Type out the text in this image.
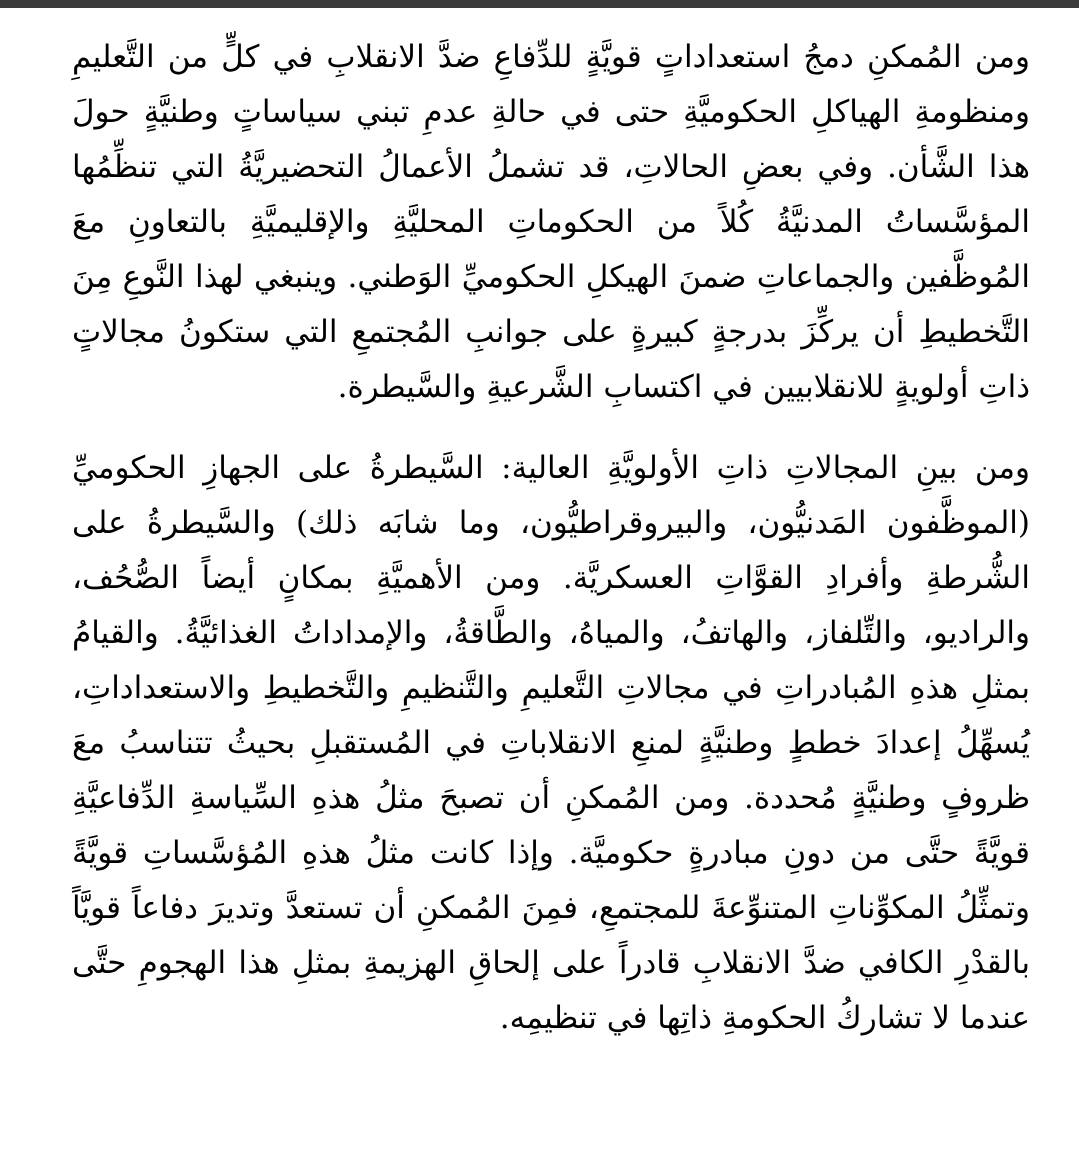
ومن المُمكنِ دمجُ استعداداتٍ قويَّةٍ للدِّفاعِ ضدَّ الانقلابِ في كلٍّ من التَّعليمِ ومنظومةِ الهياكلِ الحكوميَّةِ حتى في حالةِ عدمِ تبني سياساتٍ وطنيَّةٍ حولَ هذا الشَّأن. وفي بعضِ الحالاتِ، قد تشملُ الأعمالُ التحضيريَّةُ التي تنظِّمُها المؤسَّساتُ المدنيَّةُ كُلاً من الحكوماتِ المحليَّةِ والإقليميَّةِ بالتعاونِ معَ المُوظَّفين والجماعاتِ ضمنَ الهيكلِ الحكوميِّ الوَطني. وينبغي لهذا النَّوعِ مِنَ التَّخطيطِ أن يركِّزَ بدرجةٍ كبيرةٍ على جوانبِ المُجتمعِ التي ستكونُ مجالاتٍ ذاتِ أولويةٍ للانقلابيين في اكتسابِ الشَّرعيةِ والسَّيطرة.

ومن بينِ المجالاتِ ذاتِ الأولويَّةِ العالية: السَّيطرةُ على الجهازِ الحكوميِّ (الموظَّفون المَدنيُّون، والبيروقراطيُّون، وما شابَه ذلك) والسَّيطرةُ على الشُّرطةِ وأفرادِ القوَّاتِ العسكريَّة. ومن الأهميَّةِ بمكانٍ أيضاً الصُّحُف، والراديو، والتِّلفاز، والهاتفُ، والمياهُ، والطَّاقةُ، والإمداداتُ الغذائيَّةُ. والقيامُ بمثلِ هذهِ المُبادراتِ في مجالاتِ التَّعليمِ والتَّنظيمِ والتَّخطيطِ والاستعداداتِ، يُسهِّلُ إعدادَ خططٍ وطنيَّةٍ لمنعِ الانقلاباتِ في المُستقبلِ بحيثُ تتناسبُ معَ ظروفٍ وطنيَّةٍ مُحددة. ومن المُمكنِ أن تصبحَ مثلُ هذهِ السِّياسةِ الدِّفاعيَّةِ قويَّةً حتَّى من دونِ مبادرةٍ حكوميَّة. وإذا كانت مثلُ هذهِ المُؤسَّساتِ قويَّةً وتمثِّلُ المكوِّناتِ المتنوِّعةَ للمجتمعِ، فمِنَ المُمكنِ أن تستعدَّ وتديرَ دفاعاً قويَّاً بالقدْرِ الكافي ضدَّ الانقلابِ قادراً على إلحاقِ الهزيمةِ بمثلِ هذا الهجومِ حتَّى عندما لا تشاركُ الحكومةِ ذاتِها في تنظيمِه.
